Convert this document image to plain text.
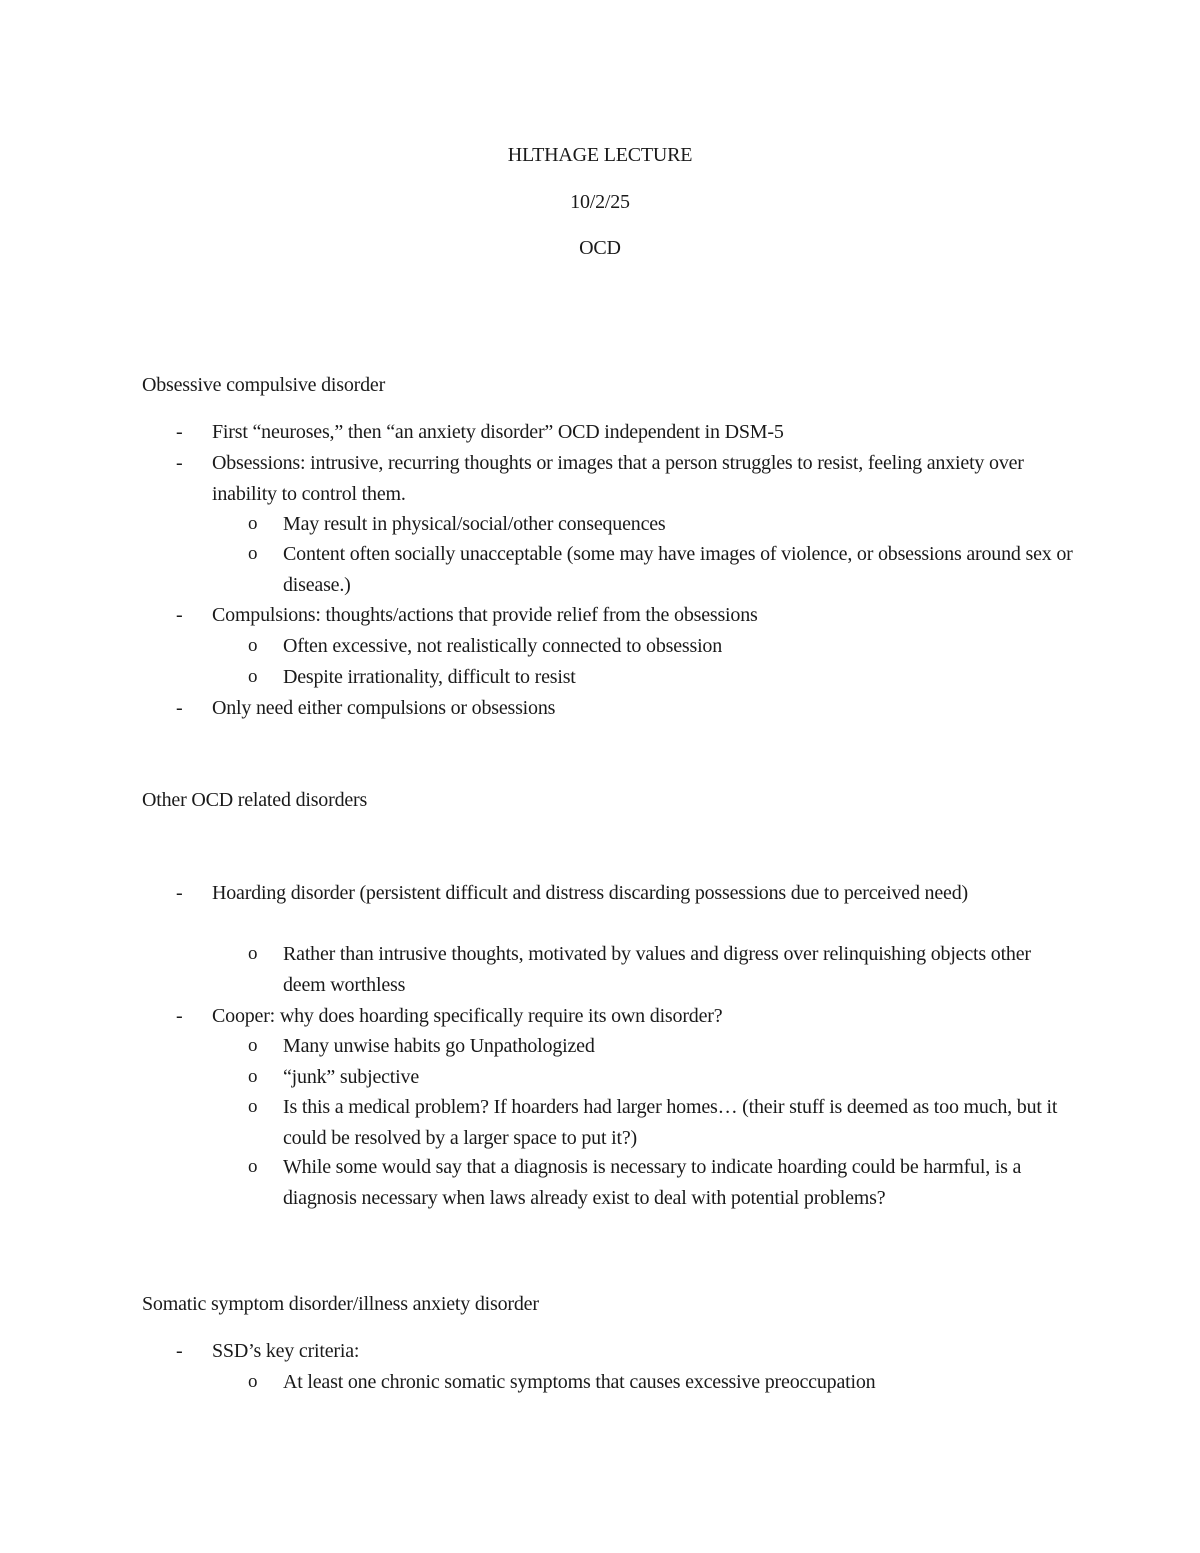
HLTHAGE LECTURE
10/2/25
OCD
Obsessive compulsive disorder
- First “neuroses,” then “an anxiety disorder” OCD independent in DSM-5
- Obsessions: intrusive, recurring thoughts or images that a person struggles to resist, feeling anxiety over inability to control them.
o May result in physical/social/other consequences
o Content often socially unacceptable (some may have images of violence, or obsessions around sex or disease.)
- Compulsions: thoughts/actions that provide relief from the obsessions
o Often excessive, not realistically connected to obsession
o Despite irrationality, difficult to resist
- Only need either compulsions or obsessions
Other OCD related disorders
- Hoarding disorder (persistent difficult and distress discarding possessions due to perceived need)
o Rather than intrusive thoughts, motivated by values and digress over relinquishing objects other deem worthless
- Cooper: why does hoarding specifically require its own disorder?
o Many unwise habits go Unpathologized
o “junk” subjective
o Is this a medical problem? If hoarders had larger homes… (their stuff is deemed as too much, but it could be resolved by a larger space to put it?)
o While some would say that a diagnosis is necessary to indicate hoarding could be harmful, is a diagnosis necessary when laws already exist to deal with potential problems?
Somatic symptom disorder/illness anxiety disorder
- SSD’s key criteria:
o At least one chronic somatic symptoms that causes excessive preoccupation
